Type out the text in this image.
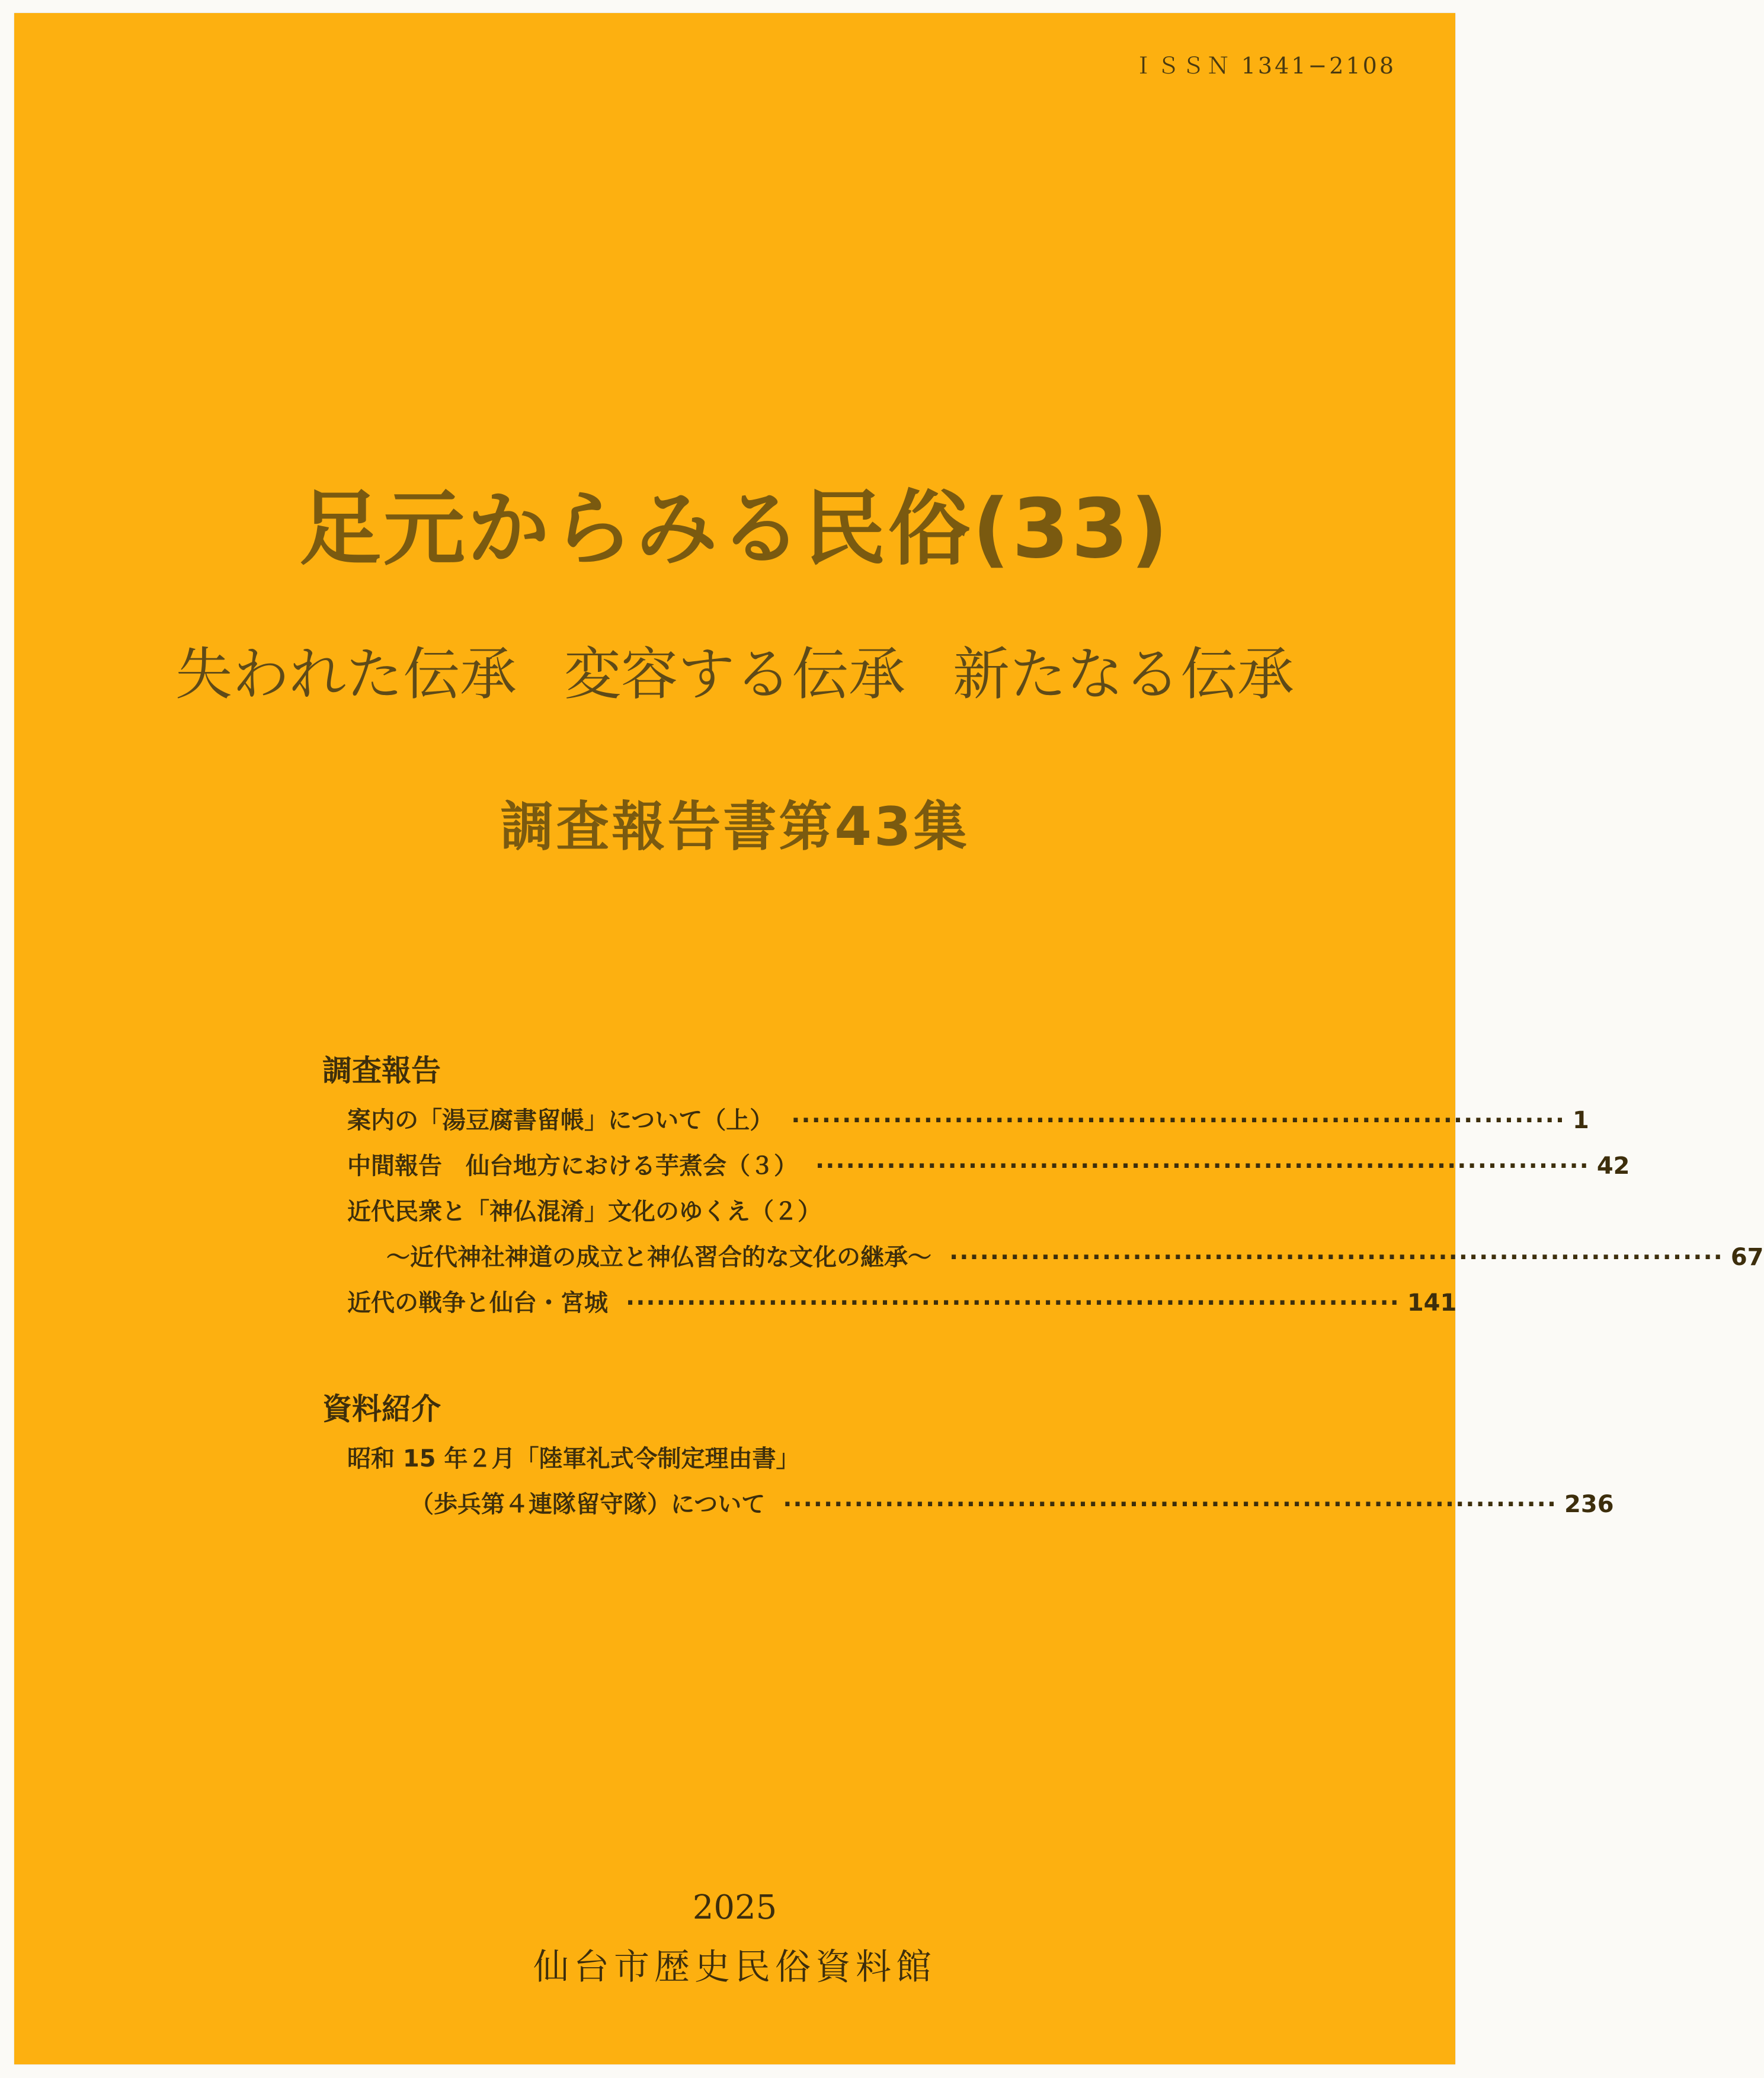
ＩＳＳＮ 1341−2108
足元からみる民俗(33)
失われた伝承 変容する伝承 新たなる伝承
調査報告書第43集
調査報告
案内の「湯豆腐書留帳」について（上） ············································································ 1
中間報告　仙台地方における芋煮会（３） ············································································ 42
近代民衆と「神仏混淆」文化のゆくえ（２）
～近代神社神道の成立と神仏習合的な文化の継承～ ············································································ 67
近代の戦争と仙台・宮城 ············································································ 141
資料紹介
昭和 15 年２月「陸軍礼式令制定理由書」
（歩兵第４連隊留守隊）について ············································································ 236
2025
仙台市歴史民俗資料館
